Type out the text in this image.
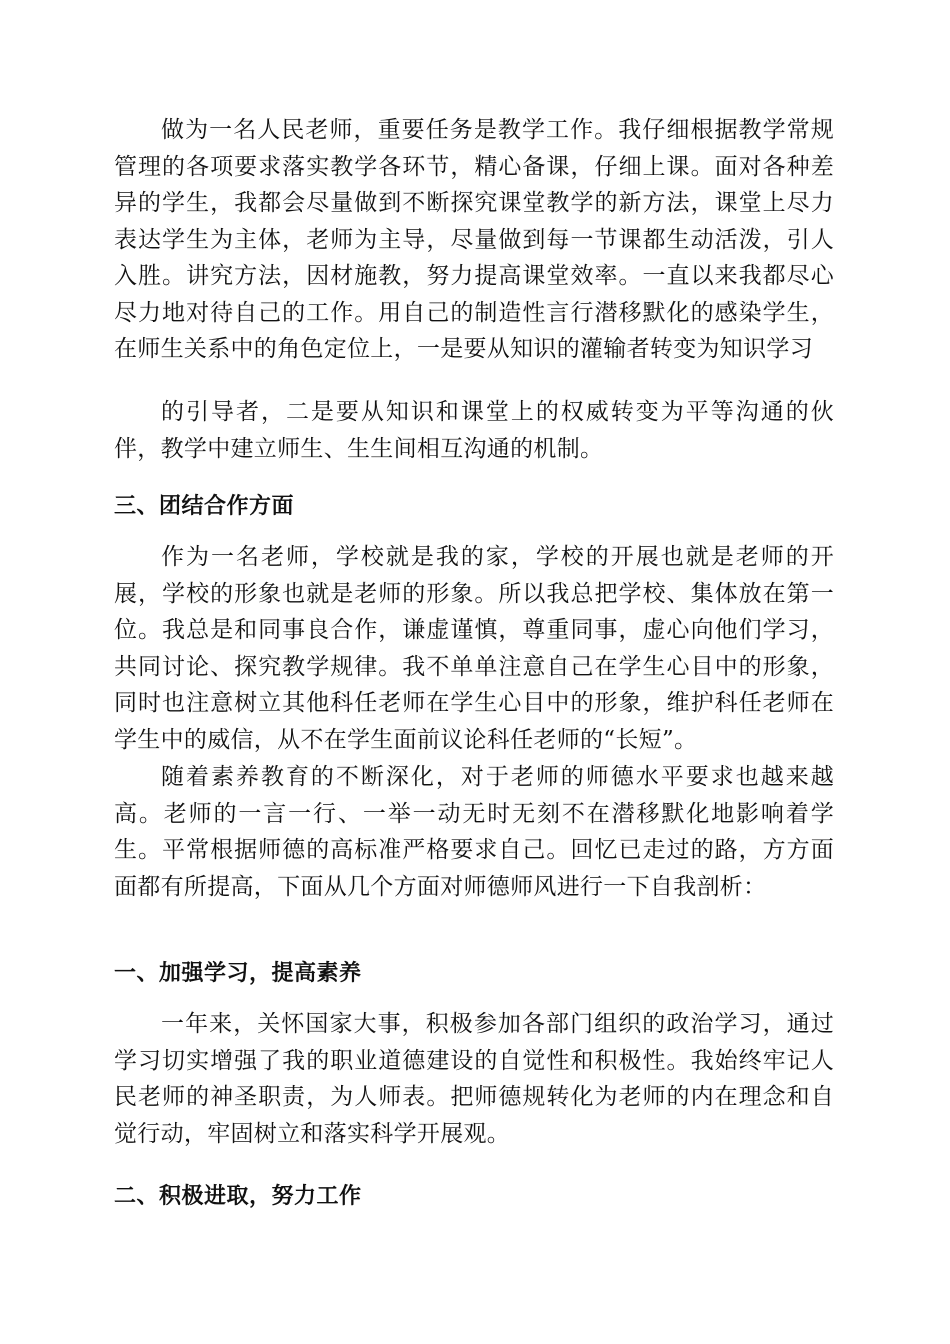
做为一名人民老师，重要任务是教学工作。我仔细根据教学常规管理的各项要求落实教学各环节，精心备课，仔细上课。面对各种差异的学生，我都会尽量做到不断探究课堂教学的新方法，课堂上尽力表达学生为主体，老师为主导，尽量做到每一节课都生动活泼，引人入胜。讲究方法，因材施教，努力提高课堂效率。一直以来我都尽心尽力地对待自己的工作。用自己的制造性言行潜移默化的感染学生，在师生关系中的角色定位上，一是要从知识的灌输者转变为知识学习

的引导者，二是要从知识和课堂上的权威转变为平等沟通的伙伴，教学中建立师生、生生间相互沟通的机制。

三、团结合作方面

作为一名老师，学校就是我的家，学校的开展也就是老师的开展，学校的形象也就是老师的形象。所以我总把学校、集体放在第一位。我总是和同事良合作，谦虚谨慎，尊重同事，虚心向他们学习，共同讨论、探究教学规律。我不单单注意自己在学生心目中的形象，同时也注意树立其他科任老师在学生心目中的形象，维护科任老师在学生中的威信，从不在学生面前议论科任老师的“长短”。

随着素养教育的不断深化，对于老师的师德水平要求也越来越高。老师的一言一行、一举一动无时无刻不在潜移默化地影响着学生。平常根据师德的高标准严格要求自己。回忆已走过的路，方方面面都有所提高，下面从几个方面对师德师风进行一下自我剖析：

一、加强学习，提高素养

一年来，关怀国家大事，积极参加各部门组织的政治学习，通过学习切实增强了我的职业道德建设的自觉性和积极性。我始终牢记人民老师的神圣职责，为人师表。把师德规转化为老师的内在理念和自觉行动，牢固树立和落实科学开展观。

二、积极进取，努力工作
